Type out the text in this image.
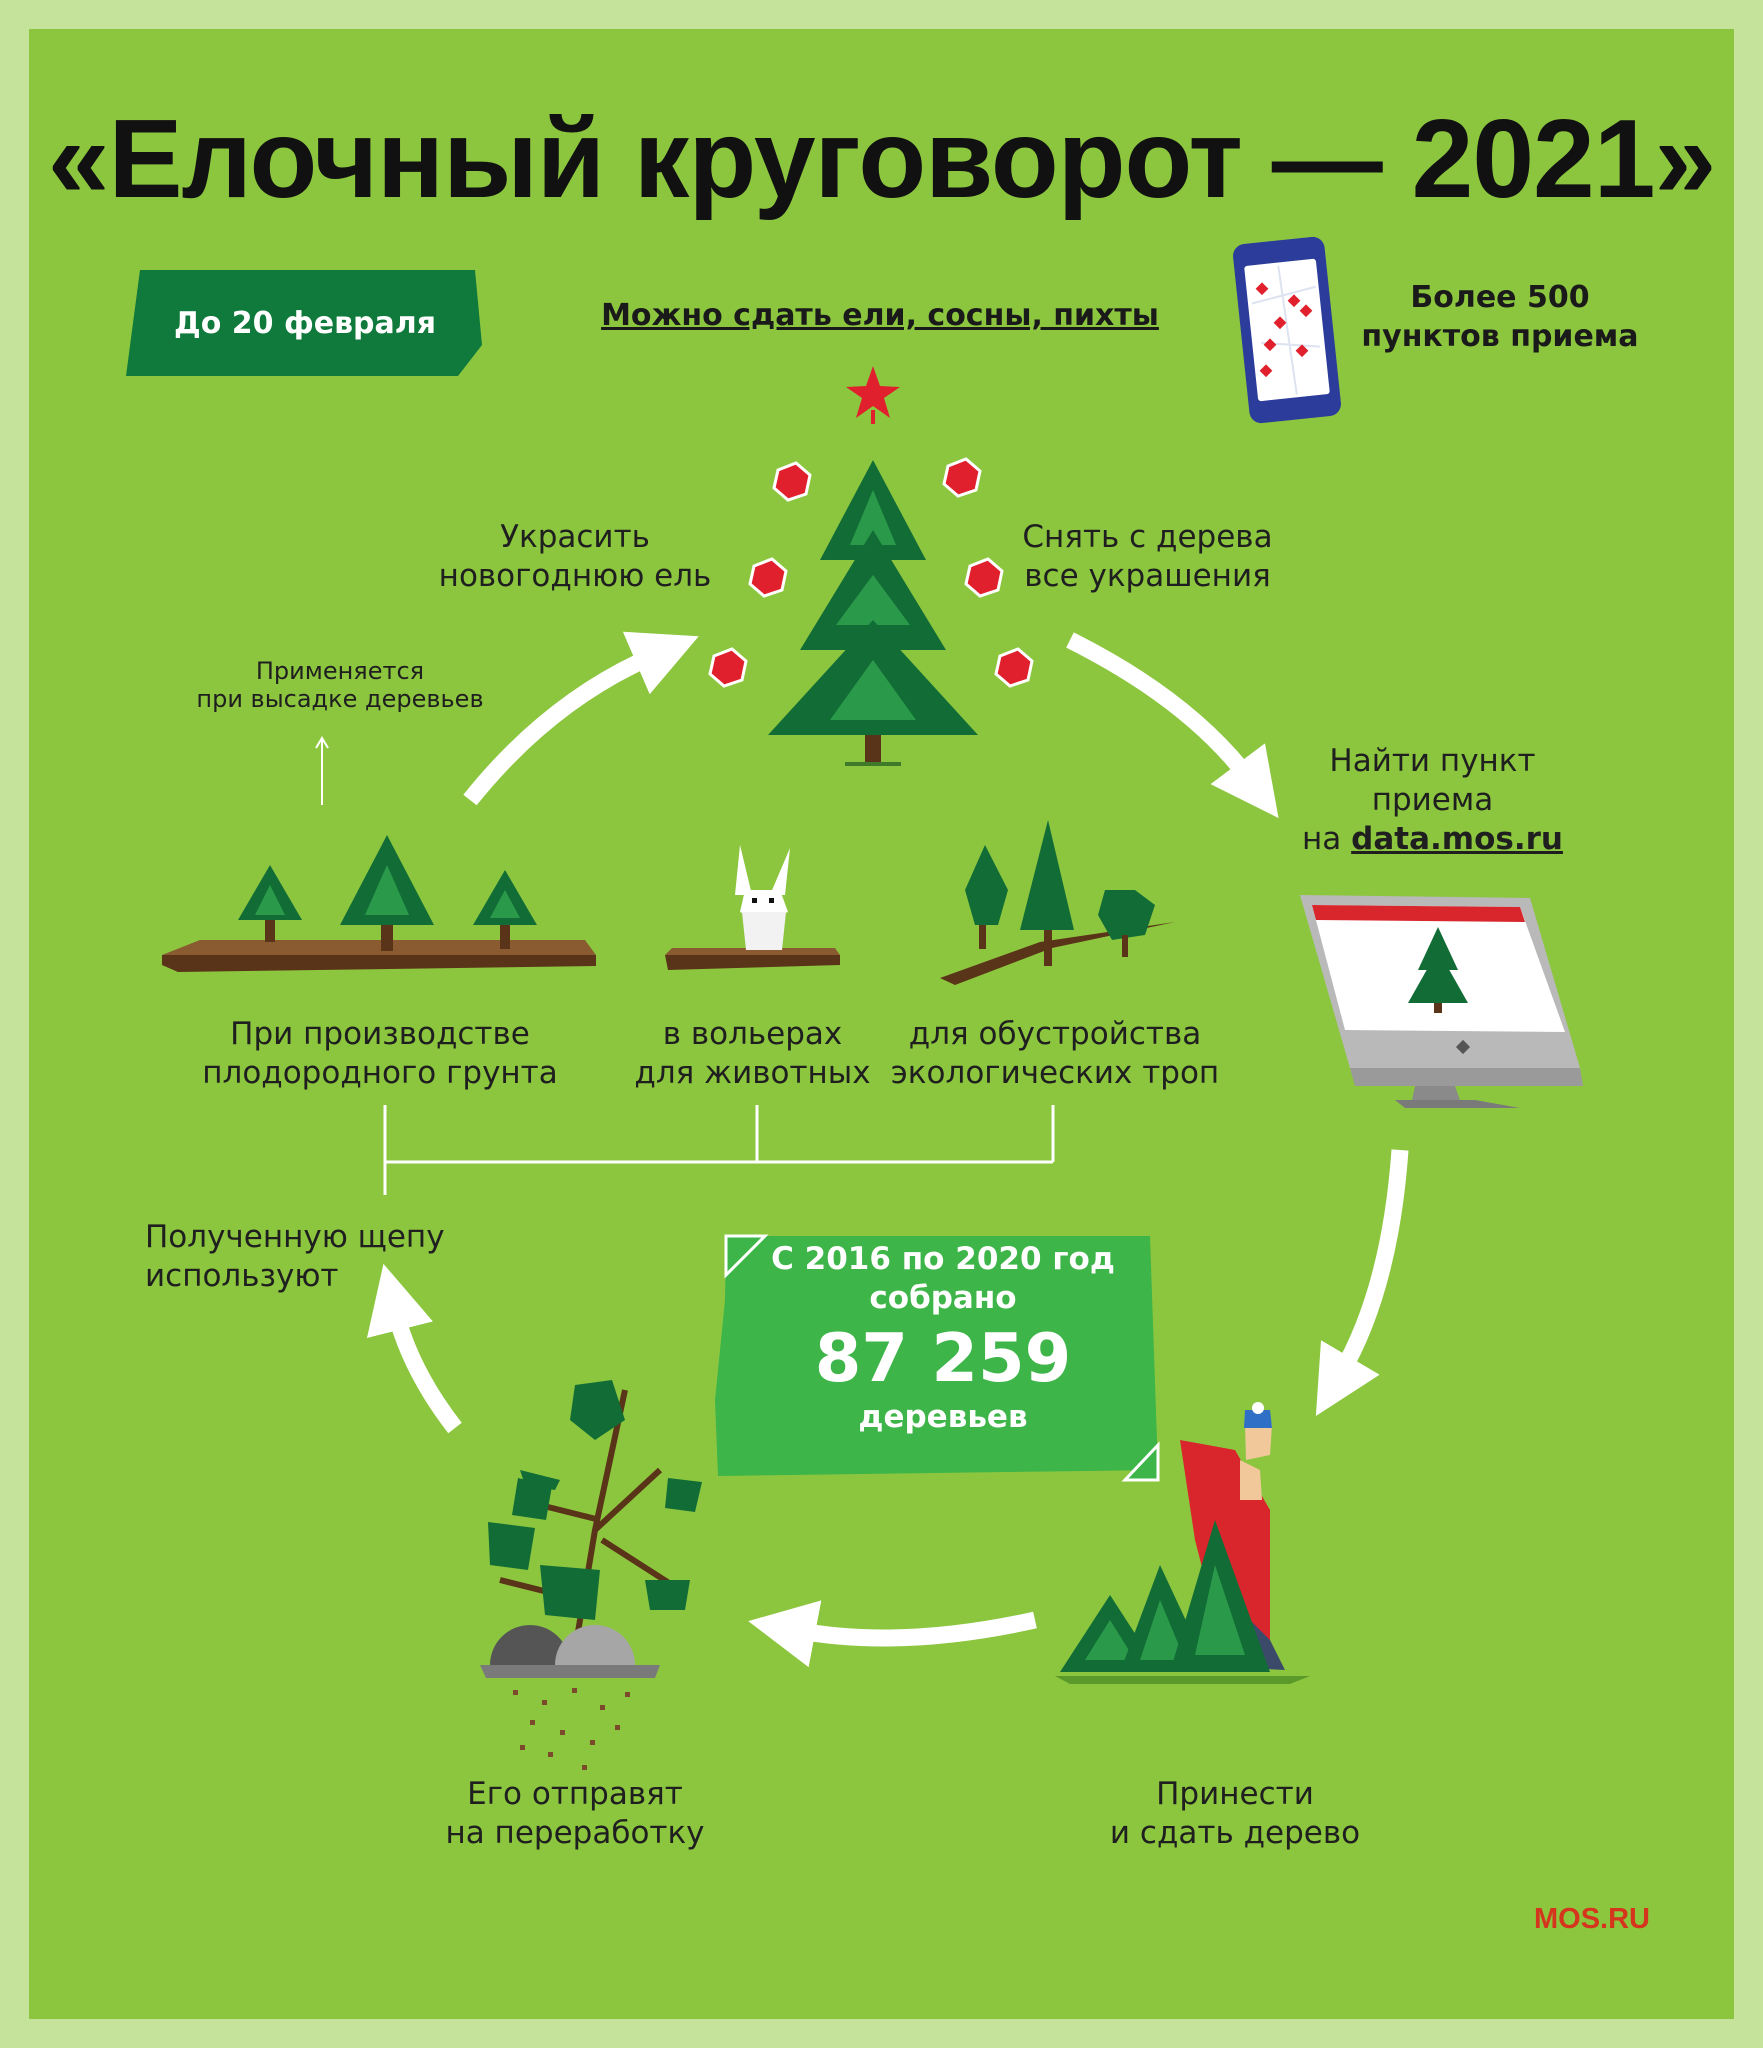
«Елочный круговорот — 2021»
До 20 февраля	Можно сдать ели, сосны, пихты
Более 500
пунктов приема
Украсить
новогоднюю ель
Снять с дерева
все украшения
Найти пункт
приема
на data.mos.ru
Применяется
при высадке деревьев
При производстве
плодородного грунта
в вольерах
для животных
для обустройства
экологических троп
Полученную щепу используют	С 2016 по 2020 год
собрано
87 259
деревьев
Его отправят
на переработку
Принести
и сдать дерево
MOS.RU
